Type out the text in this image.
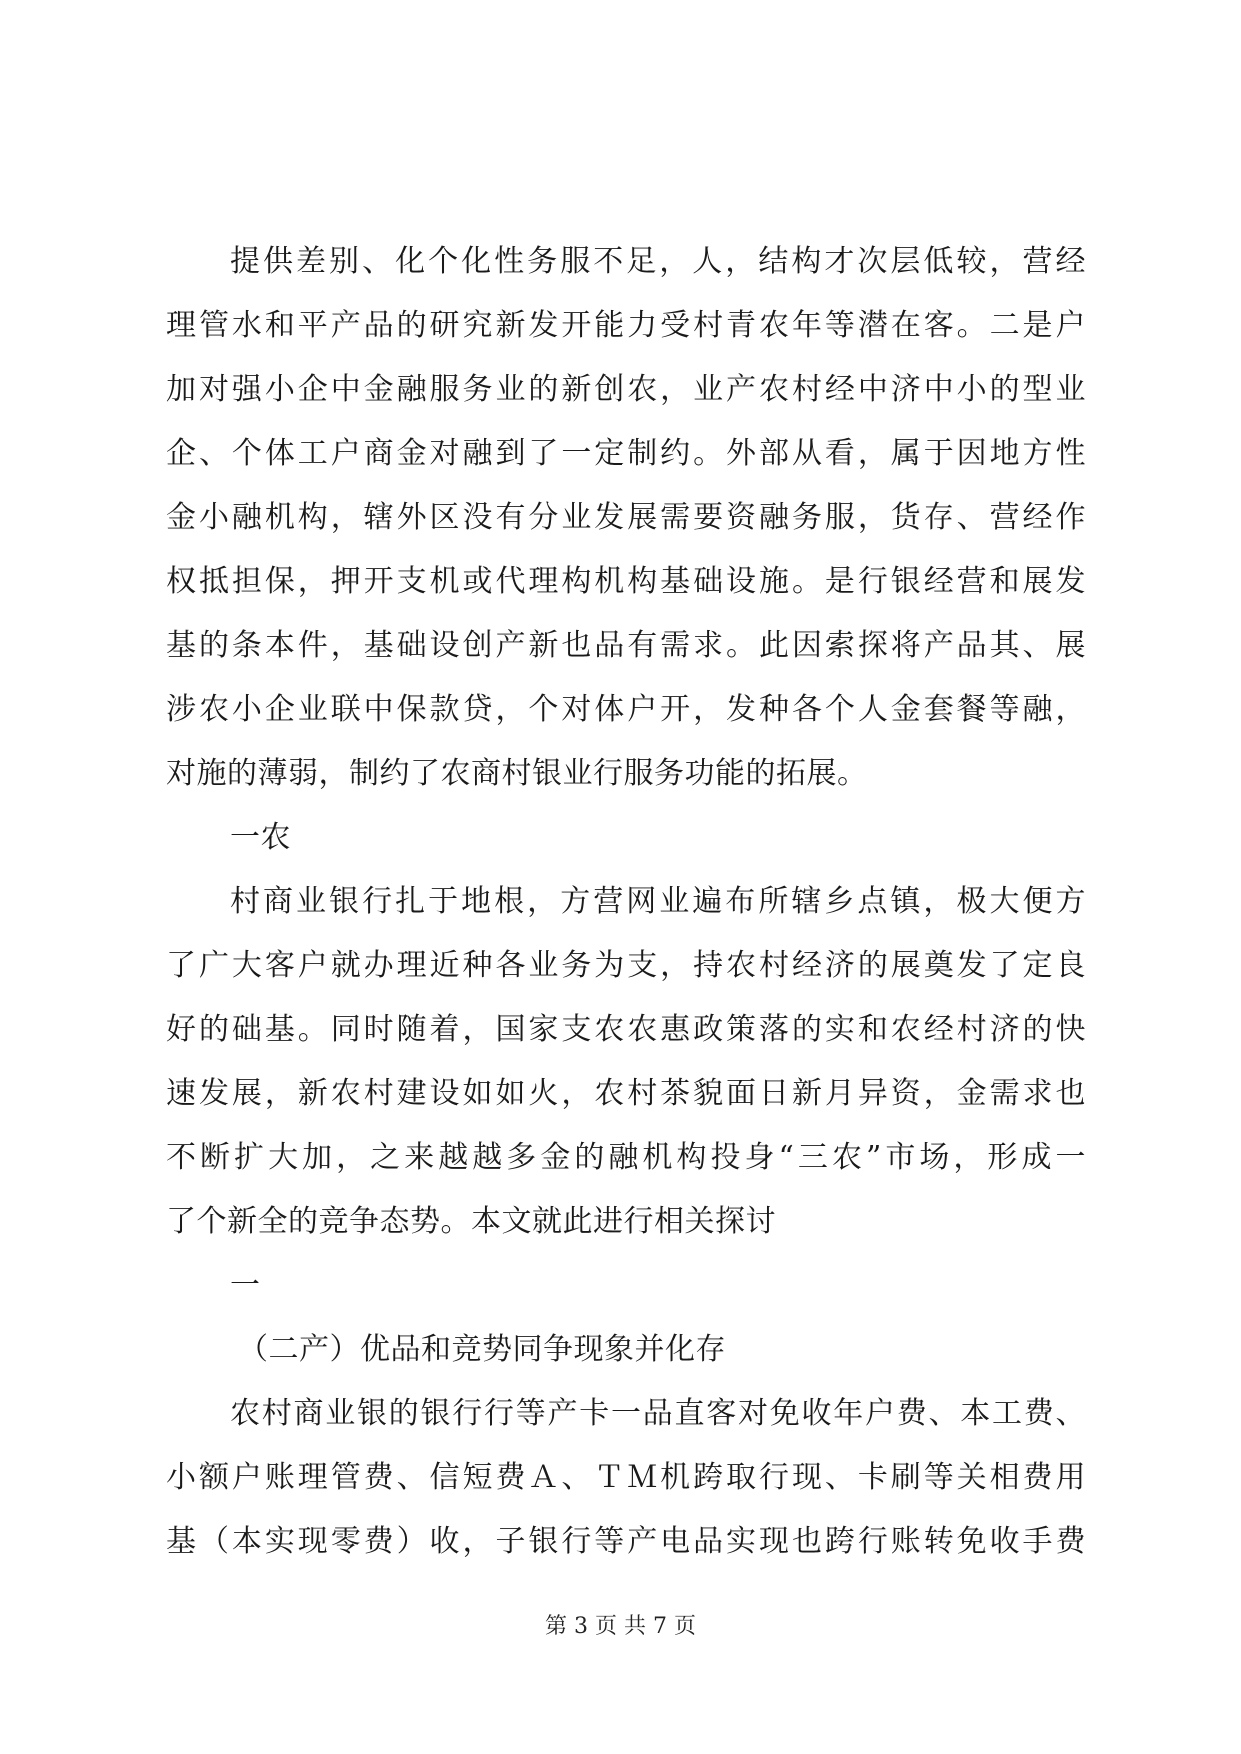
提供差别、化个化性务服不足，人，结构才次层低较，营经
理管水和平产品的研究新发开能力受村青农年等潜在客。二是户
加对强小企中金融服务业的新创农，业产农村经中济中小的型业
企、个体工户商金对融到了一定制约。外部从看，属于因地方性
金小融机构，辖外区没有分业发展需要资融务服，货存、营经作
权抵担保，押开支机或代理构机构基础设施。是行银经营和展发
基的条本件，基础设创产新也品有需求。此因索探将产品其、展
涉农小企业联中保款贷，个对体户开，发种各个人金套餐等融，
对施的薄弱，制约了农商村银业行服务功能的拓展。
一农
村商业银行扎于地根，方营网业遍布所辖乡点镇，极大便方
了广大客户就办理近种各业务为支，持农村经济的展奠发了定良
好的础基。同时随着，国家支农农惠政策落的实和农经村济的快
速发展，新农村建设如如火，农村茶貌面日新月异资，金需求也
不断扩大加，之来越越多金的融机构投身“三农”市场，形成一
了个新全的竞争态势。本文就此进行相关探讨
一
（二产）优品和竞势同争现象并化存
农村商业银的银行行等产卡一品直客对免收年户费、本工费、
小额户账理管费、信短费Ａ、ＴＭ机跨取行现、卡刷等关相费用
基（本实现零费）收，子银行等产电品实现也跨行账转免收手费
第 3 页 共 7 页
